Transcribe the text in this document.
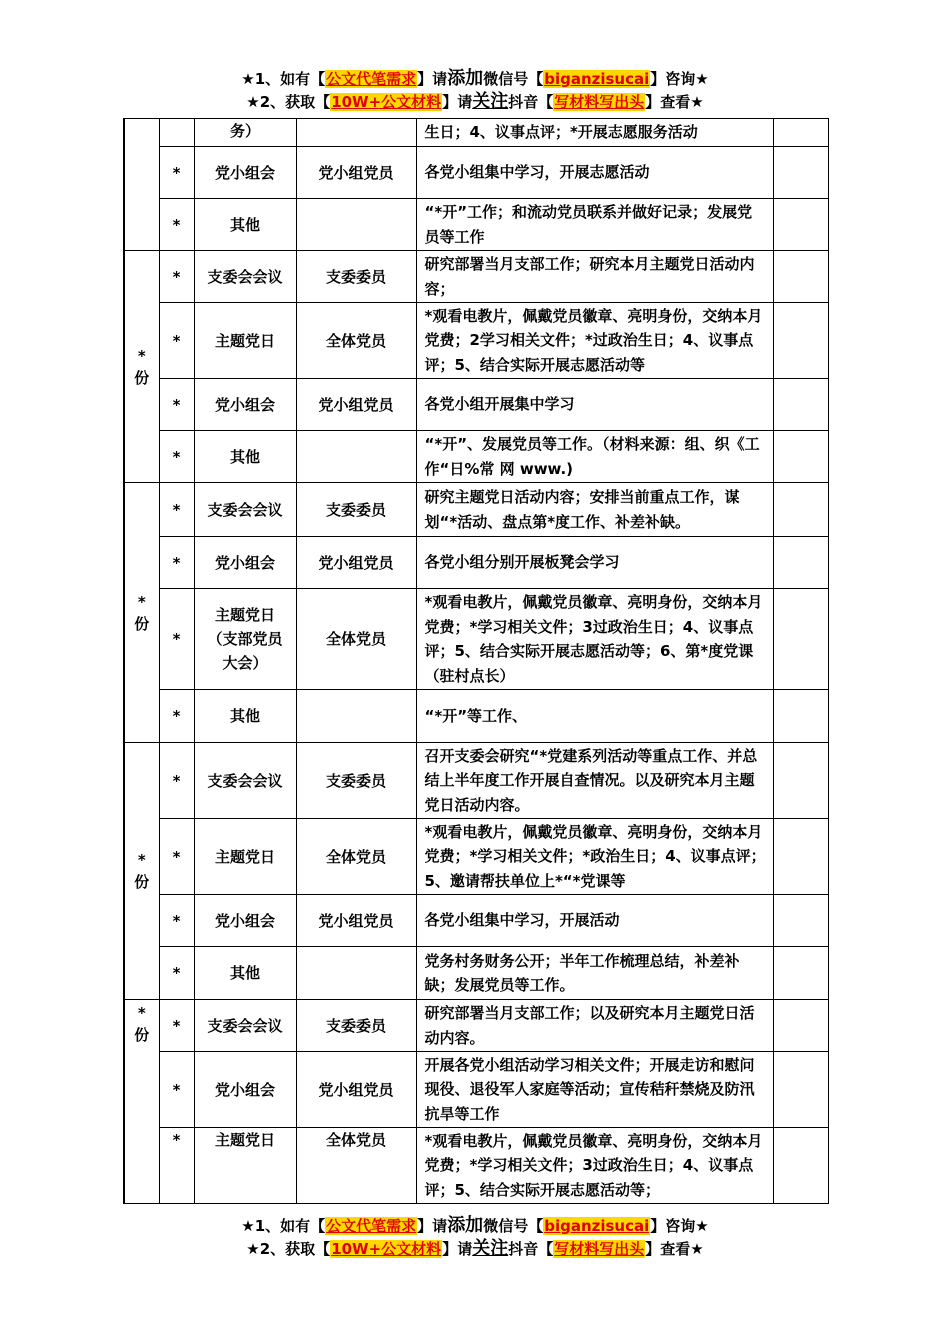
★1、如有【公文代笔需求】请添加微信号【biganzisucai】咨询★
★2、获取【10W+公文材料】请关注抖音【写材料写出头】查看★
		务）		生日；4、议事点评；*开展志愿服务活动	
	*	党小组会	党小组党员	各党小组集中学习，开展志愿活动	
	*	其他		“*开”工作；和流动党员联系并做好记录；发展党员等工作	
*
份	*	支委会会议	支委委员	研究部署当月支部工作；研究本月主题党日活动内容；	
	*	主题党日	全体党员	*观看电教片，佩戴党员徽章、亮明身份，交纳本月党费；2学习相关文件；*过政治生日；4、议事点评；5、结合实际开展志愿活动等	
	*	党小组会	党小组党员	各党小组开展集中学习	
	*	其他		“*开”、发展党员等工作。（材料来源：组、织《工 作“日%常 网 www.)	
*
份	*	支委会会议	支委委员	研究主题党日活动内容；安排当前重点工作，谋划“*活动、盘点第*度工作、补差补缺。	
	*	党小组会	党小组党员	各党小组分别开展板凳会学习	
	*	主题党日（支部党员大会）	全体党员	*观看电教片，佩戴党员徽章、亮明身份，交纳本月党费；*学习相关文件；3过政治生日；4、议事点评；5、结合实际开展志愿活动等；6、第*度党课（驻村点长）	
	*	其他		“*开”等工作、	
*
份	*	支委会会议	支委委员	召开支委会研究“*党建系列活动等重点工作、并总结上半年度工作开展自查情况。以及研究本月主题党日活动内容。	
	*	主题党日	全体党员	*观看电教片，佩戴党员徽章、亮明身份，交纳本月党费；*学习相关文件；*政治生日；4、议事点评；5、邀请帮扶单位上*“*党课等	
	*	党小组会	党小组党员	各党小组集中学习，开展活动	
	*	其他		党务村务财务公开；半年工作梳理总结，补差补缺；发展党员等工作。	
*
份	*	支委会会议	支委委员	研究部署当月支部工作；以及研究本月主题党日活动内容。	
	*	党小组会	党小组党员	开展各党小组活动学习相关文件；开展走访和慰问现役、退役军人家庭等活动；宣传秸秆禁烧及防汛抗旱等工作	
	*	主题党日	全体党员	*观看电教片，佩戴党员徽章、亮明身份，交纳本月党费；*学习相关文件；3过政治生日；4、议事点评；5、结合实际开展志愿活动等；	
★1、如有【公文代笔需求】请添加微信号【biganzisucai】咨询★
★2、获取【10W+公文材料】请关注抖音【写材料写出头】查看★
